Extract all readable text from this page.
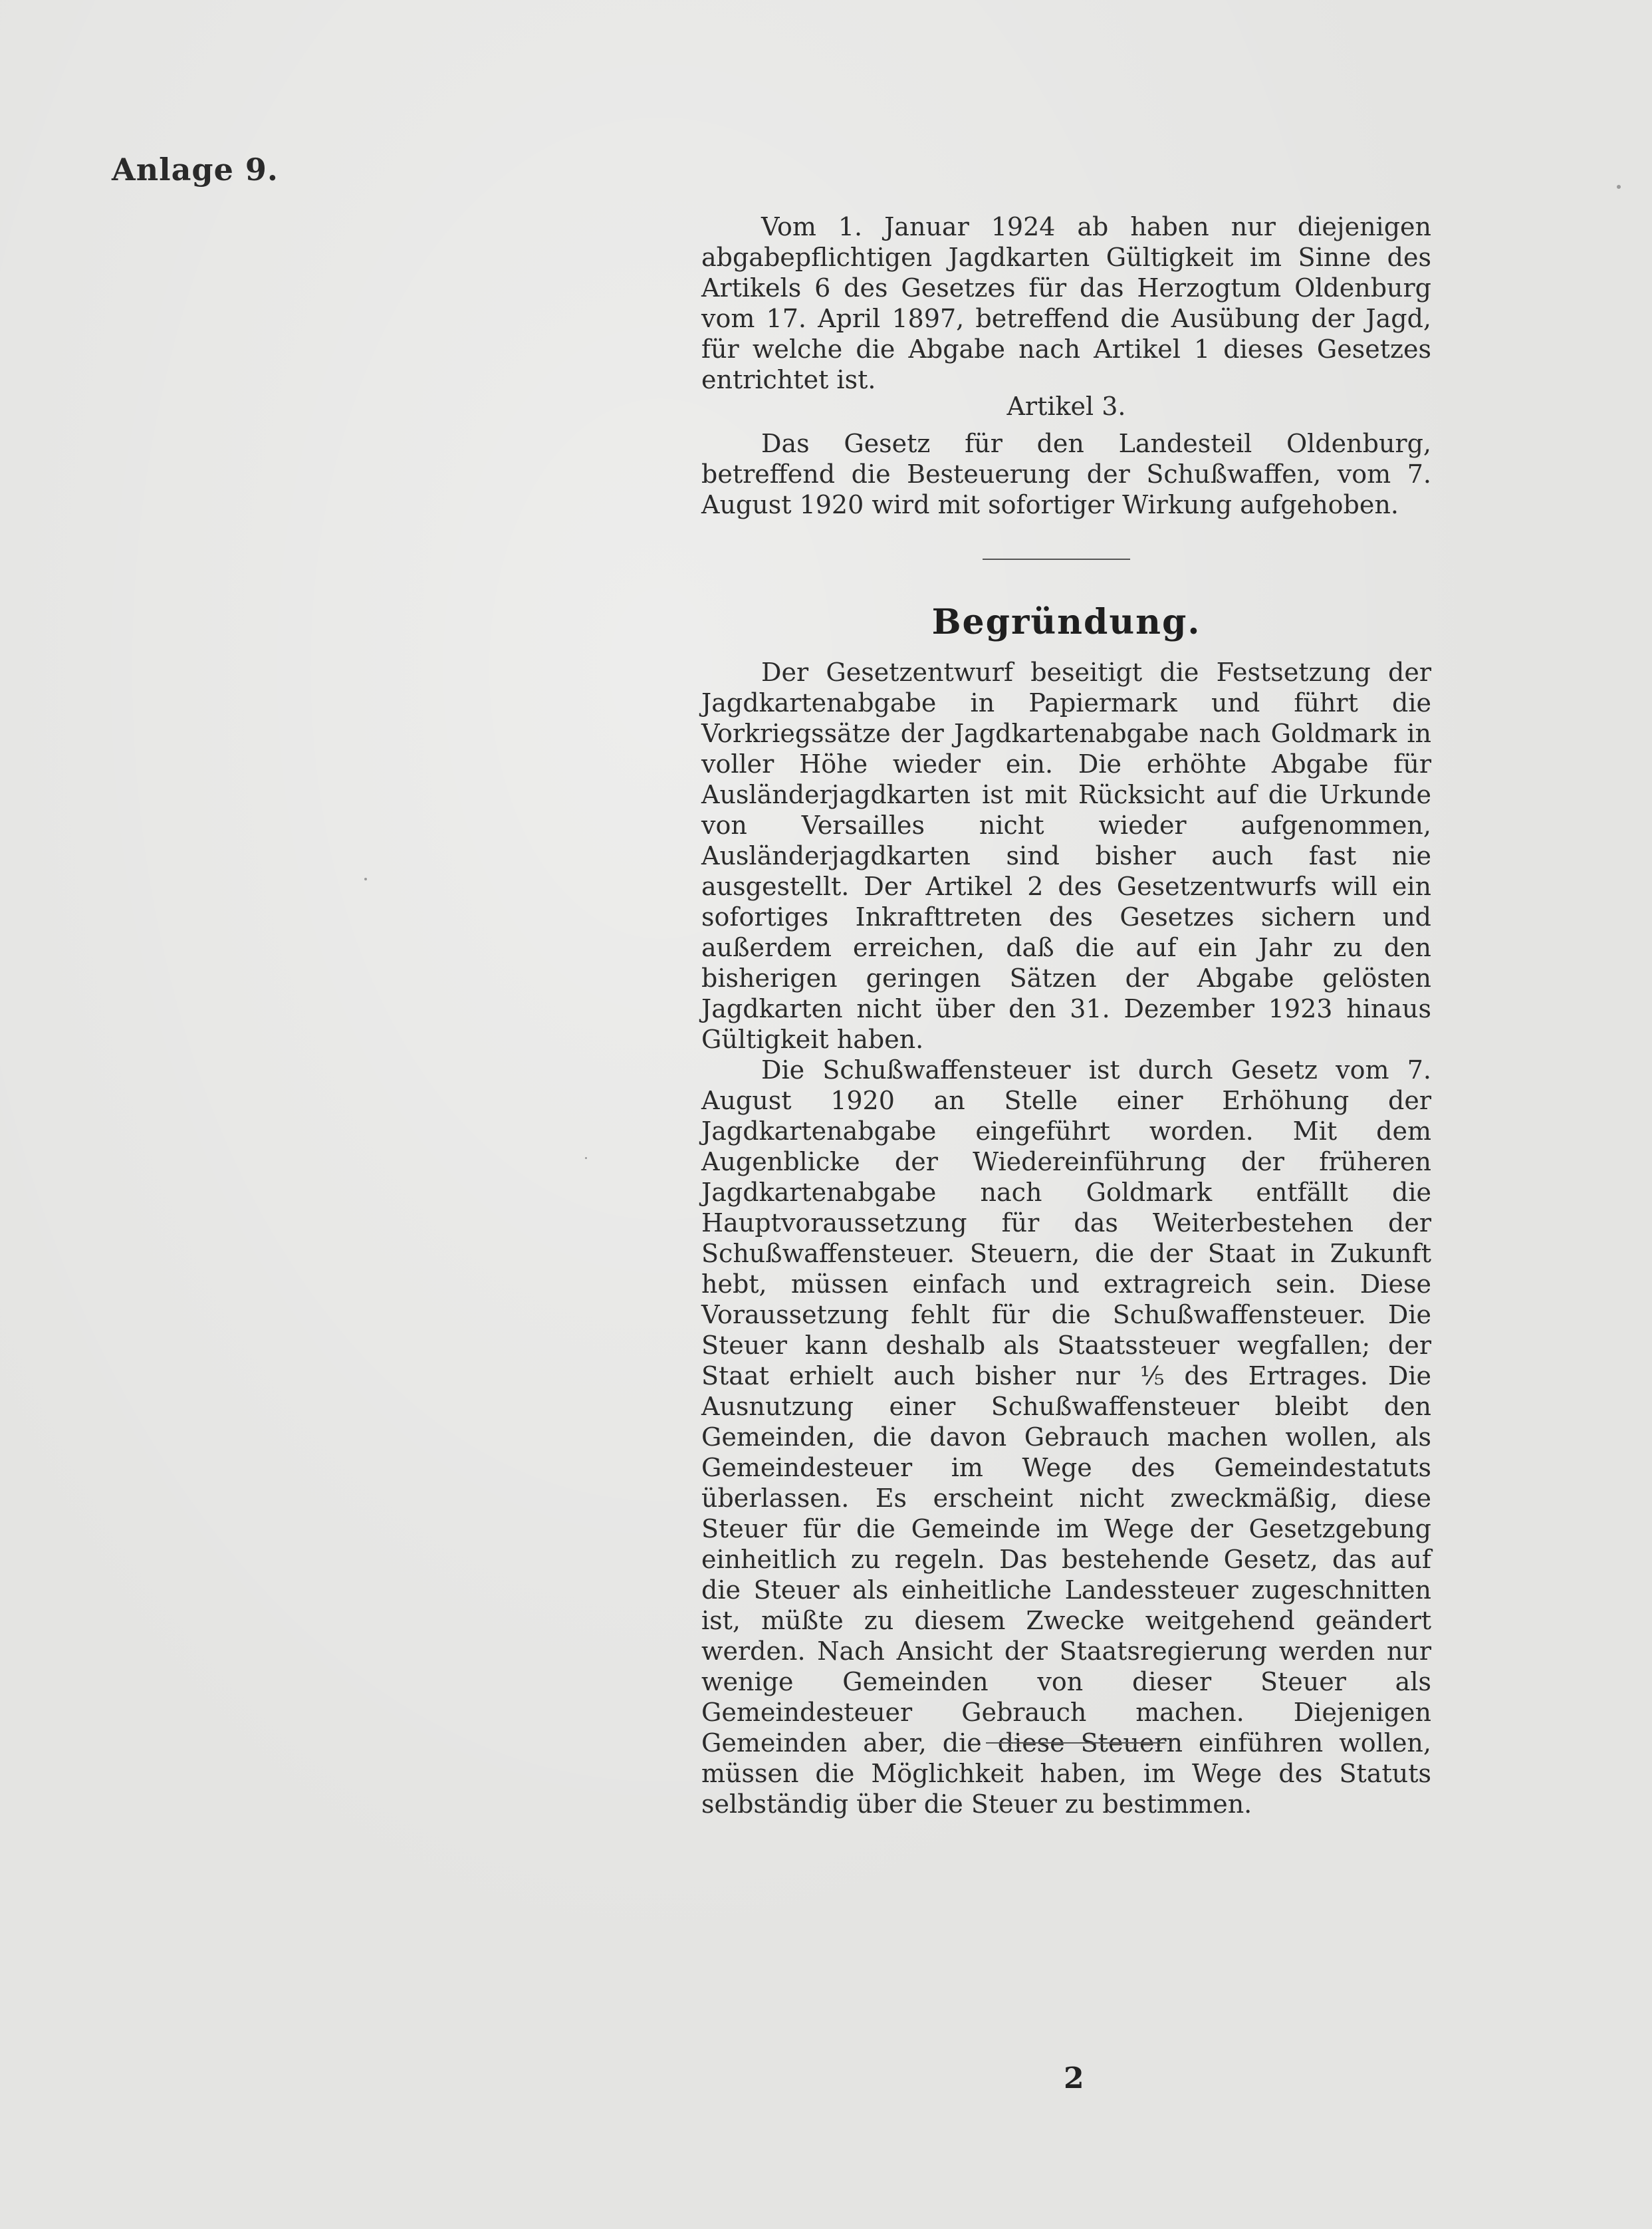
Anlage 9.

Vom 1. Januar 1924 ab haben nur diejenigen abgabepflichtigen Jagdkarten Gültigkeit im Sinne des Artikels 6 des Gesetzes für das Herzogtum Oldenburg vom 17. April 1897, betreffend die Ausübung der Jagd, für welche die Abgabe nach Artikel 1 dieses Gesetzes entrichtet ist.

Artikel 3.

Das Gesetz für den Landesteil Oldenburg, betreffend die Besteuerung der Schußwaffen, vom 7. August 1920 wird mit sofortiger Wirkung aufgehoben.

Begründung.

Der Gesetzentwurf beseitigt die Festsetzung der Jagdkartenabgabe in Papiermark und führt die Vorkriegssätze der Jagdkartenabgabe nach Goldmark in voller Höhe wieder ein. Die erhöhte Abgabe für Ausländerjagdkarten ist mit Rücksicht auf die Urkunde von Versailles nicht wieder aufgenommen, Ausländerjagdkarten sind bisher auch fast nie ausgestellt. Der Artikel 2 des Gesetzentwurfs will ein sofortiges Inkrafttreten des Gesetzes sichern und außerdem erreichen, daß die auf ein Jahr zu den bisherigen geringen Sätzen der Abgabe gelösten Jagdkarten nicht über den 31. Dezember 1923 hinaus Gültigkeit haben.

Die Schußwaffensteuer ist durch Gesetz vom 7. August 1920 an Stelle einer Erhöhung der Jagdkartenabgabe eingeführt worden. Mit dem Augenblicke der Wiedereinführung der früheren Jagdkartenabgabe nach Goldmark entfällt die Hauptvoraussetzung für das Weiterbestehen der Schußwaffensteuer. Steuern, die der Staat in Zukunft hebt, müssen einfach und extragreich sein. Diese Voraussetzung fehlt für die Schußwaffensteuer. Die Steuer kann deshalb als Staatssteuer wegfallen; der Staat erhielt auch bisher nur ⅕ des Ertrages. Die Ausnutzung einer Schußwaffensteuer bleibt den Gemeinden, die davon Gebrauch machen wollen, als Gemeindesteuer im Wege des Gemeindestatuts überlassen. Es erscheint nicht zweckmäßig, diese Steuer für die Gemeinde im Wege der Gesetzgebung einheitlich zu regeln. Das bestehende Gesetz, das auf die Steuer als einheitliche Landessteuer zugeschnitten ist, müßte zu diesem Zwecke weitgehend geändert werden. Nach Ansicht der Staatsregierung werden nur wenige Gemeinden von dieser Steuer als Gemeindesteuer Gebrauch machen. Diejenigen Gemeinden aber, die diese Steuern einführen wollen, müssen die Möglichkeit haben, im Wege des Statuts selbständig über die Steuer zu bestimmen.

2
